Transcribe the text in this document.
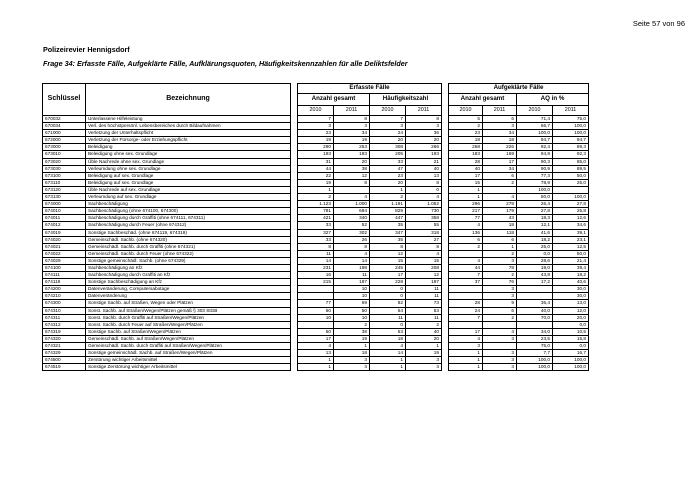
Seite 57 von 96
Polizeirevier Hennigsdorf
Frage 34: Erfasste Fälle, Aufgeklärte Fälle, Aufklärungsquoten, Häufigkeitskennzahlen für alle Deliktsfelder
Schlüssel	Bezeichnung		Erfasste Fälle					Aufgeklärte Fälle			
			Anzahl gesamt		Häufigkeitszahl			Anzahl gesamt		AQ in %	
			2010	2011	2010	2011		2010	2011	2010	2011
670032	Unterlassene Hilfeleistung		7	8	7	8		5	6	71,4	75,0
670034	Verl. des höchstpersönl. Lebensbereiches durch Bildaufnahmen		3	3	3	3		2	3	66,7	100,0
671000	Verletzung der Unterhaltspflicht		23	34	24	36		23	34	100,0	100,0
672000	Verletzung der Fürsorge- oder Erziehungspflicht		19	19	20	20		18	18	94,7	94,7
673000	Beleidigung		290	253	308	266		268	226	92,4	89,3
673010	Beleidigung ohne sex. Grundlage		193	183	205	193		183	169	94,8	92,3
673020	Üble Nachrede ohne sex. Grundlage		31	20	33	21		28	17	90,3	85,0
673030	Verleumdung ohne sex. Grundlage		44	38	47	40		40	34	90,9	89,5
673100	Beleidigung auf sex. Grundlage		22	12	23	13		17	6	77,3	50,0
673110	Beleidigung auf sex. Grundlage		19	8	20	8		15	2	78,9	25,0
673120	Üble Nachrede auf sex. Grundlage		1		1	0		1		100,0	
673130	Verleumdung auf sex. Grundlage		2	4	2	4		1	4	50,0	100,0
674000	Sachbeschädigung		1.123	1.000	1.191	1.052		296	278	26,4	27,8
674010	Sachbeschädigung (ohne 674100, 674300)		781	694	829	730		217	179	27,8	25,8
674011	Sachbeschädigung durch Graffiti (ohne 674111, 674311)		421	340	447	358		77	43	18,3	12,6
674012	Sachbeschädigung durch Feuer (ohne 674312)		33	52	35	55		4	18	12,1	34,6
674019	Sonstige Sachbeschäd. (ohne 674119, 674319)		327	302	347	318		136	118	41,6	39,1
674020	Gemeinschädl. Sachb. (ohne 674320)		33	26	35	27		6	6	18,2	23,1
674021	Gemeinschädl. Sachb. durch Graffiti (ohne 674321)		8	8	8	8		2	1	25,0	12,5
674022	Gemeinschädl. Sachb. durch Feuer (ohne 674322)		11	4	12	4			2	0,0	50,0
674029	Sonstige gemeinschädl. Sachb. (ohne 674329)		14	14	15	15		4	3	28,6	21,4
674100	Sachbeschädigung an Kfz		231	198	245	208		44	78	19,0	39,4
674111	Sachbeschädigung durch Graffiti an Kfz		16	11	17	12		7	2	43,8	18,2
674119	Sonstige Sachbeschädigung an Kfz		215	187	228	197		37	76	17,2	40,6
674200	Datenveränderung, Computersabotage			10	0	11			3		30,0
674210	Datenveränderung			10	0	11			3		30,0
674300	Sonstige Sachb. auf Straßen, Wegen oder Plätzen		77	69	82	73		28	9	36,4	13,0
674310	Sonst. Sachb. auf Straßen/Wegen/Plätzen gemäß § 303 StGB		60	50	64	53		24	6	40,0	12,0
674311	Sonst. Sachb. durch Graffiti auf Straßen/Wegen/Plätzen		10	10	11	11		7	2	70,0	20,0
674312	Sonst. Sachb. durch Feuer auf Straßen/Wegen/Plätzen			2	0	2					0,0
674319	Sonstige Sachb. auf Straßen/Wegen/Plätzen		50	38	53	40		17	4	34,0	10,5
674320	Gemeinschädl. Sachb. auf Straßen/Wegen/Plätzen		17	19	18	20		4	3	23,5	15,8
674321	Gemeinschädl. Sachb. durch Graffiti auf Straßen/Wegen/Plätzen		4	1	4	1		3		75,0	0,0
674329	Sonstige gemeinschädl. Sachb. auf Straßen/Wegen/Plätzen		13	18	14	19		1	3	7,7	16,7
674500	Zerstörung wichtiger Arbeitsmittel		1	3	1	3		1	3	100,0	100,0
674519	Sonstige Zerstörung wichtiger Arbeitsmittel		1	3	1	3		1	3	100,0	100,0
